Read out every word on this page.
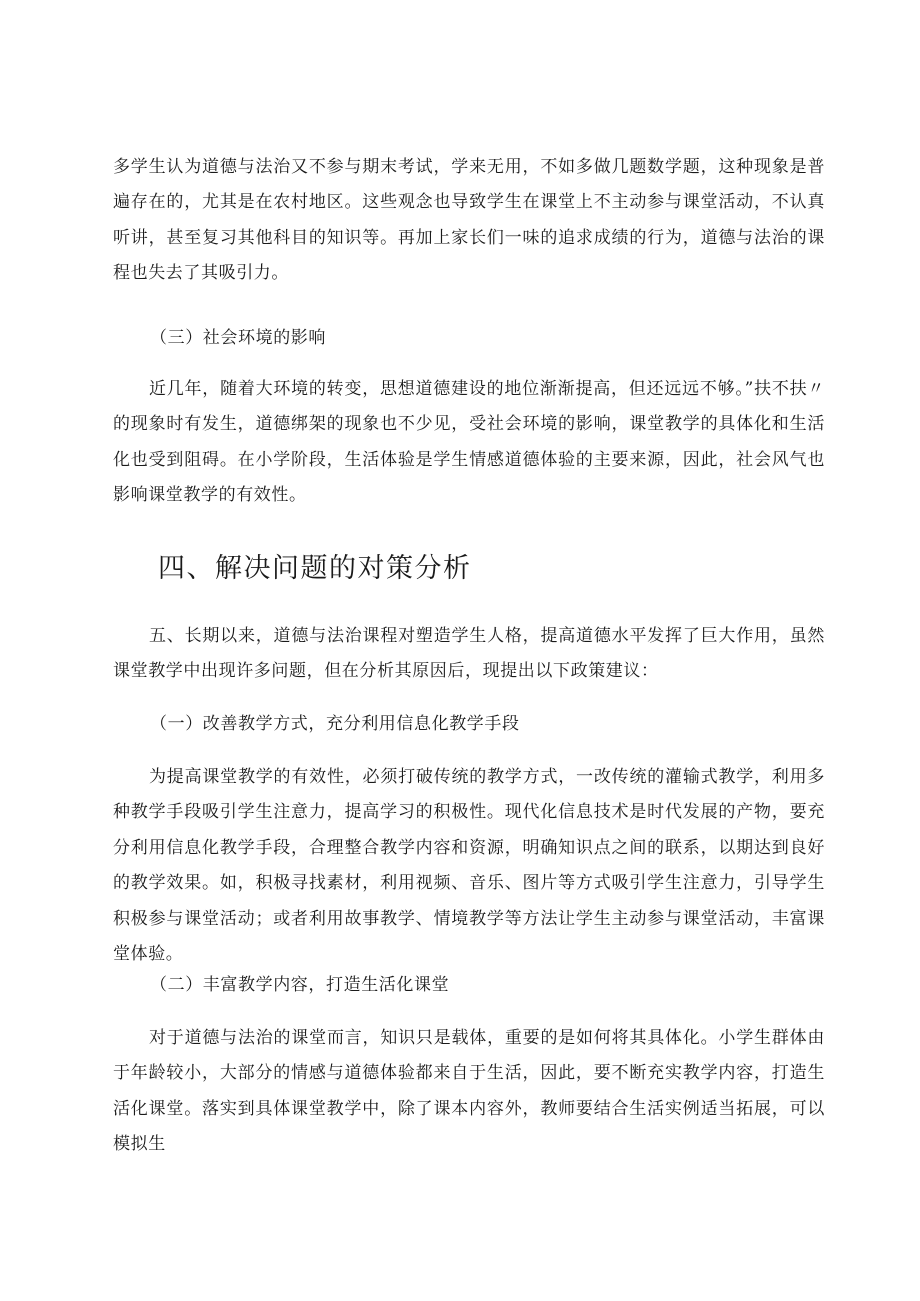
多学生认为道德与法治又不参与期末考试，学来无用，不如多做几题数学题，这种现象是普遍存在的，尤其是在农村地区。这些观念也导致学生在课堂上不主动参与课堂活动，不认真听讲，甚至复习其他科目的知识等。再加上家长们一味的追求成绩的行为，道德与法治的课程也失去了其吸引力。

（三）社会环境的影响

近几年，随着大环境的转变，思想道德建设的地位渐渐提高，但还远远不够。”扶不扶〃的现象时有发生，道德绑架的现象也不少见，受社会环境的影响，课堂教学的具体化和生活化也受到阻碍。在小学阶段，生活体验是学生情感道德体验的主要来源，因此，社会风气也影响课堂教学的有效性。

四、解决问题的对策分析

五、长期以来，道德与法治课程对塑造学生人格，提高道德水平发挥了巨大作用，虽然课堂教学中出现许多问题，但在分析其原因后，现提出以下政策建议：

（一）改善教学方式，充分利用信息化教学手段

为提高课堂教学的有效性，必须打破传统的教学方式，一改传统的灌输式教学，利用多种教学手段吸引学生注意力，提高学习的积极性。现代化信息技术是时代发展的产物，要充分利用信息化教学手段，合理整合教学内容和资源，明确知识点之间的联系，以期达到良好的教学效果。如，积极寻找素材，利用视频、音乐、图片等方式吸引学生注意力，引导学生积极参与课堂活动；或者利用故事教学、情境教学等方法让学生主动参与课堂活动，丰富课堂体验。

（二）丰富教学内容，打造生活化课堂

对于道德与法治的课堂而言，知识只是载体，重要的是如何将其具体化。小学生群体由于年龄较小，大部分的情感与道德体验都来自于生活，因此，要不断充实教学内容，打造生活化课堂。落实到具体课堂教学中，除了课本内容外，教师要结合生活实例适当拓展，可以模拟生
